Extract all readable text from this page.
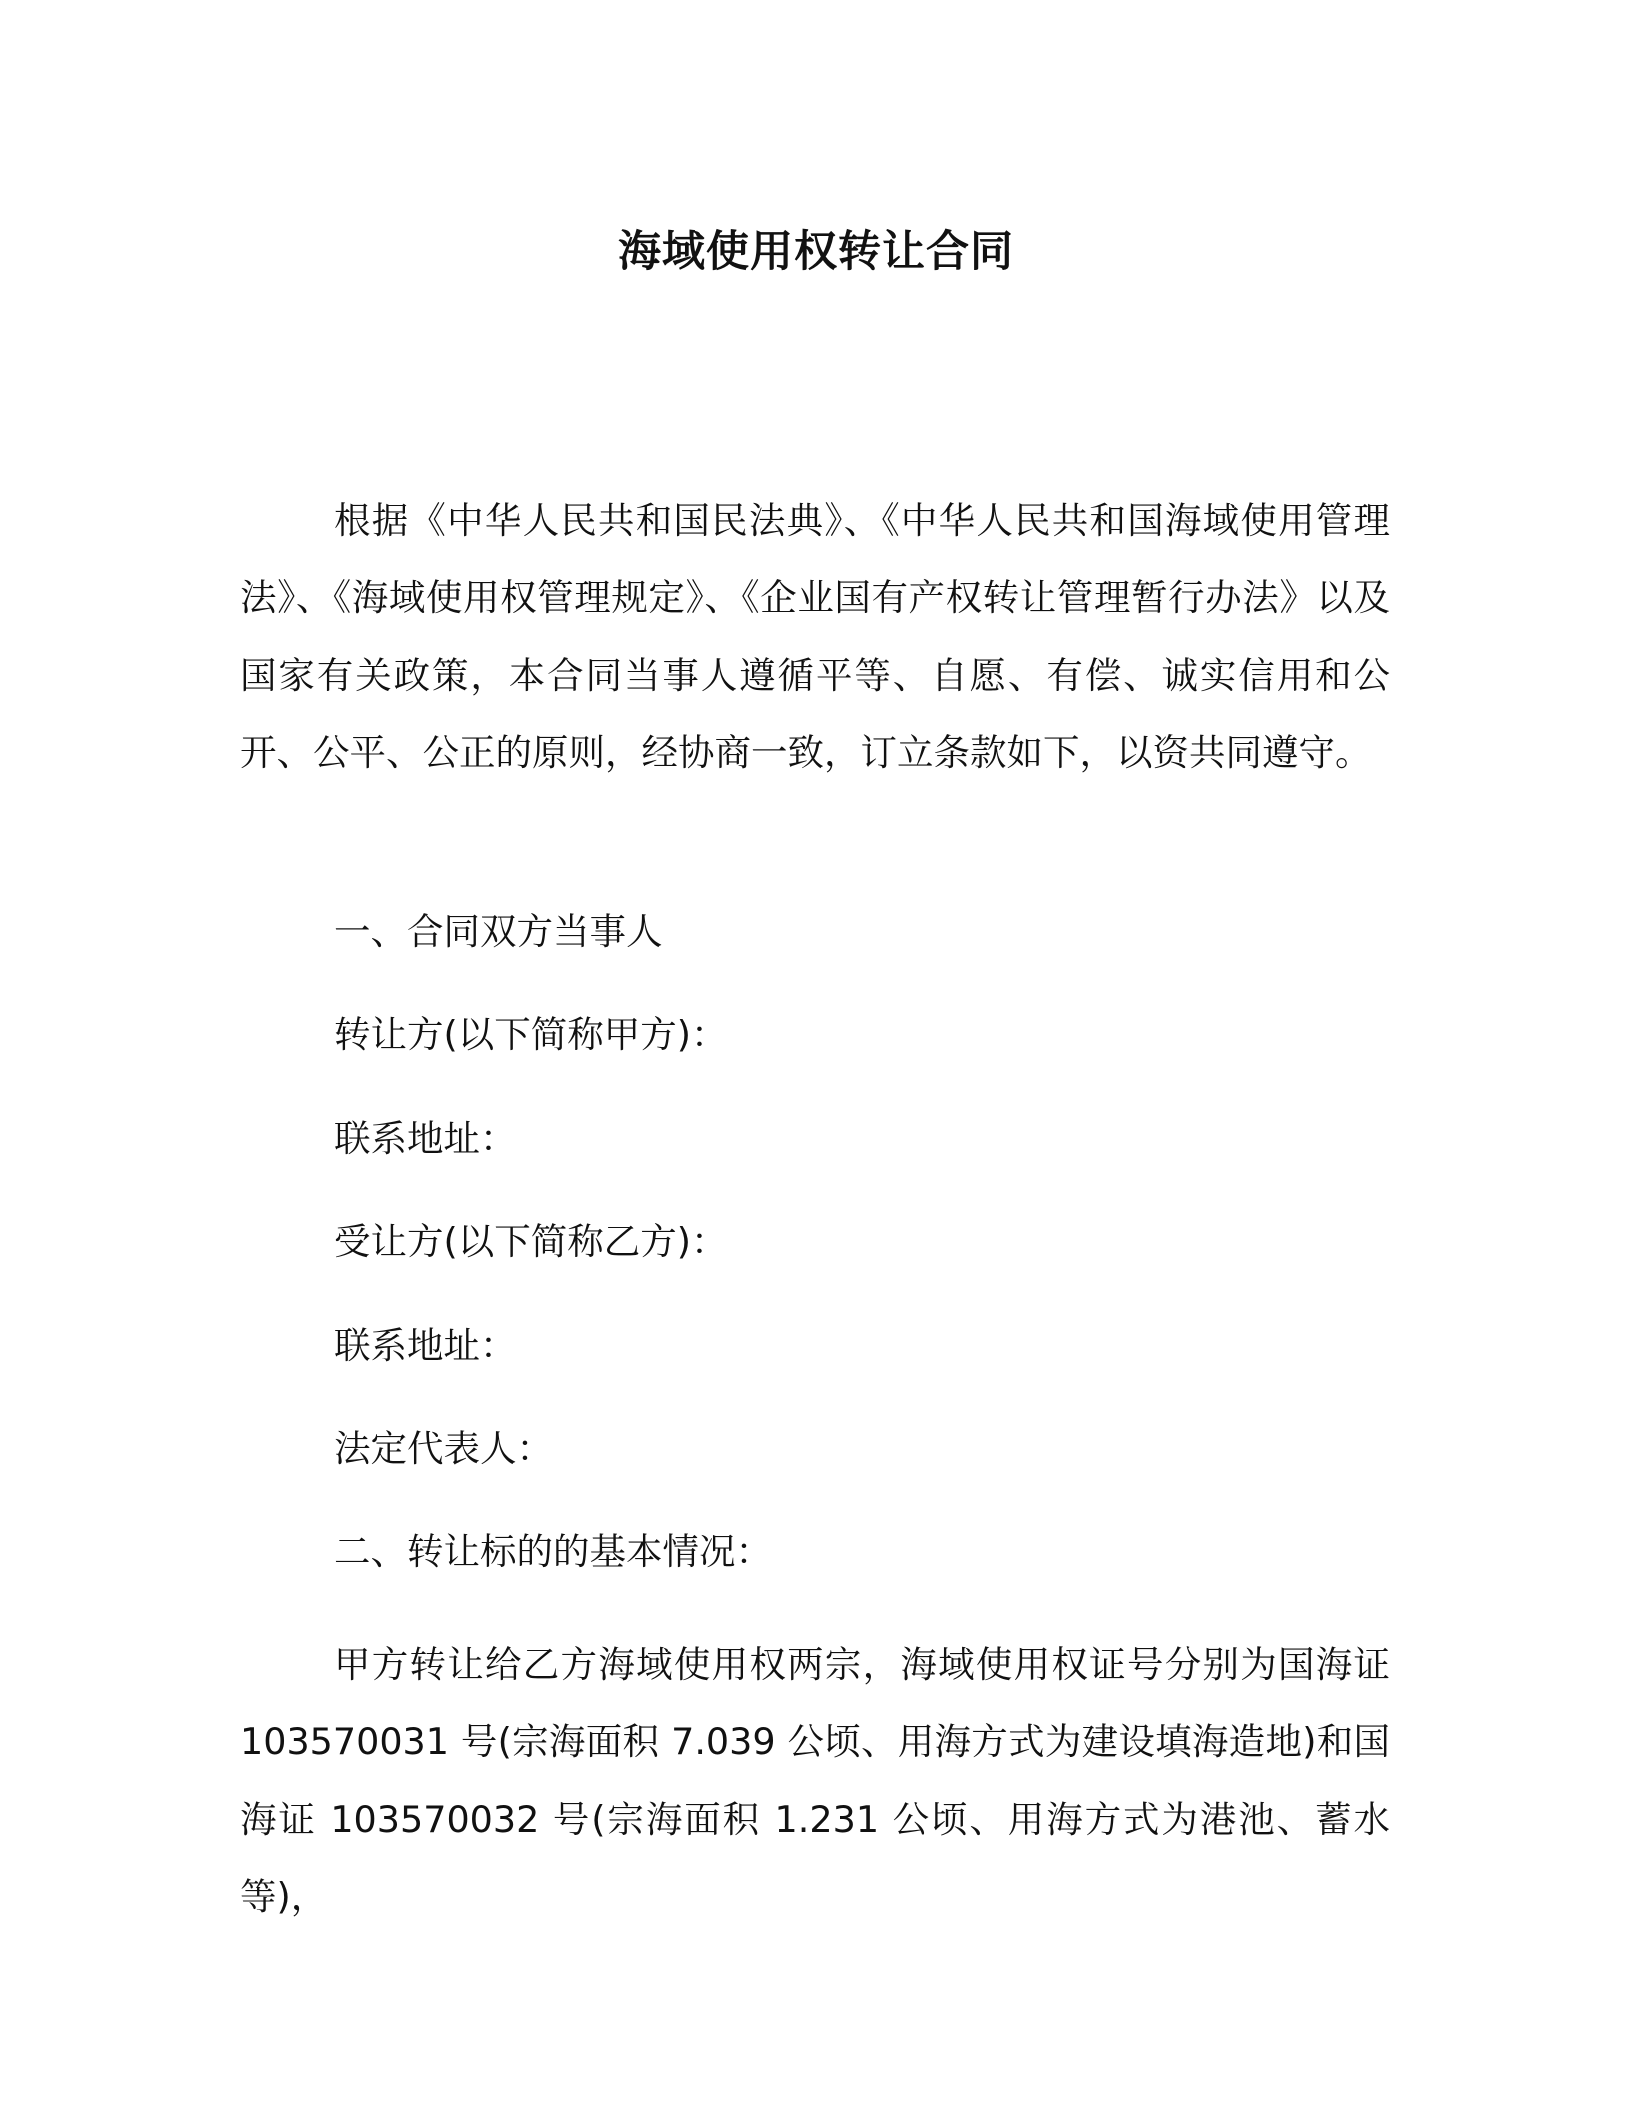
海域使用权转让合同

根据《中华人民共和国民法典》、《中华人民共和国海域使用管理法》、《海域使用权管理规定》、《企业国有产权转让管理暂行办法》以及国家有关政策，本合同当事人遵循平等、自愿、有偿、诚实信用和公开、公平、公正的原则，经协商一致，订立条款如下，以资共同遵守。

一、合同双方当事人

转让方(以下简称甲方)：

联系地址：

受让方(以下简称乙方)：

联系地址：

法定代表人：

二、转让标的的基本情况：

甲方转让给乙方海域使用权两宗，海域使用权证号分别为国海证 103570031 号(宗海面积 7.039 公顷、用海方式为建设填海造地)和国海证 103570032 号(宗海面积 1.231 公顷、用海方式为港池、蓄水等)，
